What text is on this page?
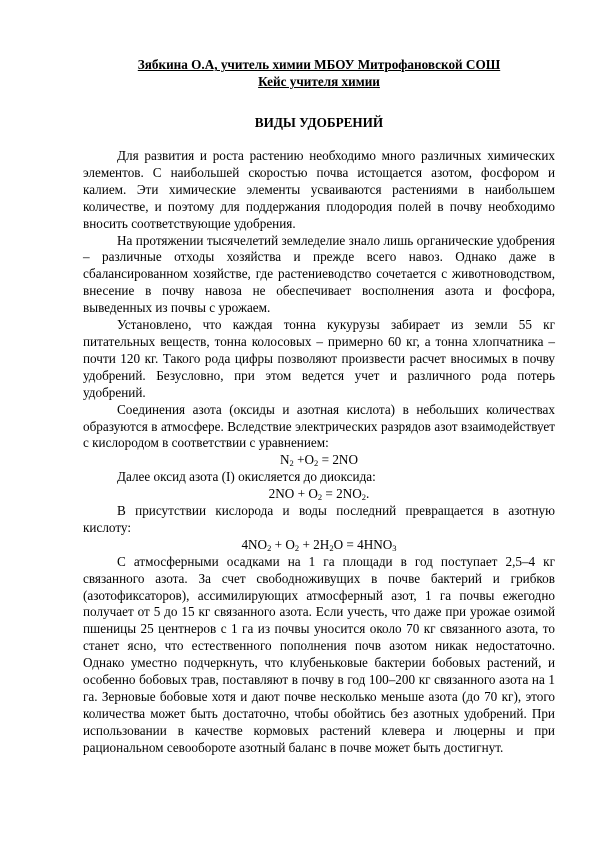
Зябкина О.А, учитель химии МБОУ Митрофановской СОШ
Кейс учителя химии
ВИДЫ УДОБРЕНИЙ

Для развития и роста растению необходимо много различных химических элементов. С наибольшей скоростью почва истощается азотом, фосфором и калием. Эти химические элементы усваиваются растениями в наибольшем количестве, и поэтому для поддержания плодородия полей в почву необходимо вносить соответствующие удобрения.

На протяжении тысячелетий земледелие знало лишь органические удобрения – различные отходы хозяйства и прежде всего навоз. Однако даже в сбалансированном хозяйстве, где растениеводство сочетается с животноводством, внесение в почву навоза не обеспечивает восполнения азота и фосфора, выведенных из почвы с урожаем.

Установлено, что каждая тонна кукурузы забирает из земли 55 кг питательных веществ, тонна колосовых – примерно 60 кг, а тонна хлопчатника – почти 120 кг. Такого рода цифры позволяют произвести расчет вносимых в почву удобрений. Безусловно, при этом ведется учет и различного рода потерь удобрений.

Соединения азота (оксиды и азотная кислота) в небольших количествах образуются в атмосфере. Вследствие электрических разрядов азот взаимодействует с кислородом в соответствии с уравнением:

$N_2 +O_2 = 2NO$

Далее оксид азота (I) окисляется до диоксида:

$2NO + O_2 = 2NO_2$.

В присутствии кислорода и воды последний превращается в азотную кислоту:

$4NO_2 + O_2 + 2H_2O = 4HNO_3$

С атмосферными осадками на 1 га площади в год поступает 2,5–4 кг связанного азота. За счет свободноживущих в почве бактерий и грибков (азотофиксаторов), ассимилирующих атмосферный азот, 1 га почвы ежегодно получает от 5 до 15 кг связанного азота. Если учесть, что даже при урожае озимой пшеницы 25 центнеров с 1 га из почвы уносится около 70 кг связанного азота, то станет ясно, что естественного пополнения почв азотом никак недостаточно. Однако уместно подчеркнуть, что клубеньковые бактерии бобовых растений, и особенно бобовых трав, поставляют в почву в год 100–200 кг связанного азота на 1 га. Зерновые бобовые хотя и дают почве несколько меньше азота (до 70 кг), этого количества может быть достаточно, чтобы обойтись без азотных удобрений. При использовании в качестве кормовых растений клевера и люцерны и при рациональном севообороте азотный баланс в почве может быть достигнут.
